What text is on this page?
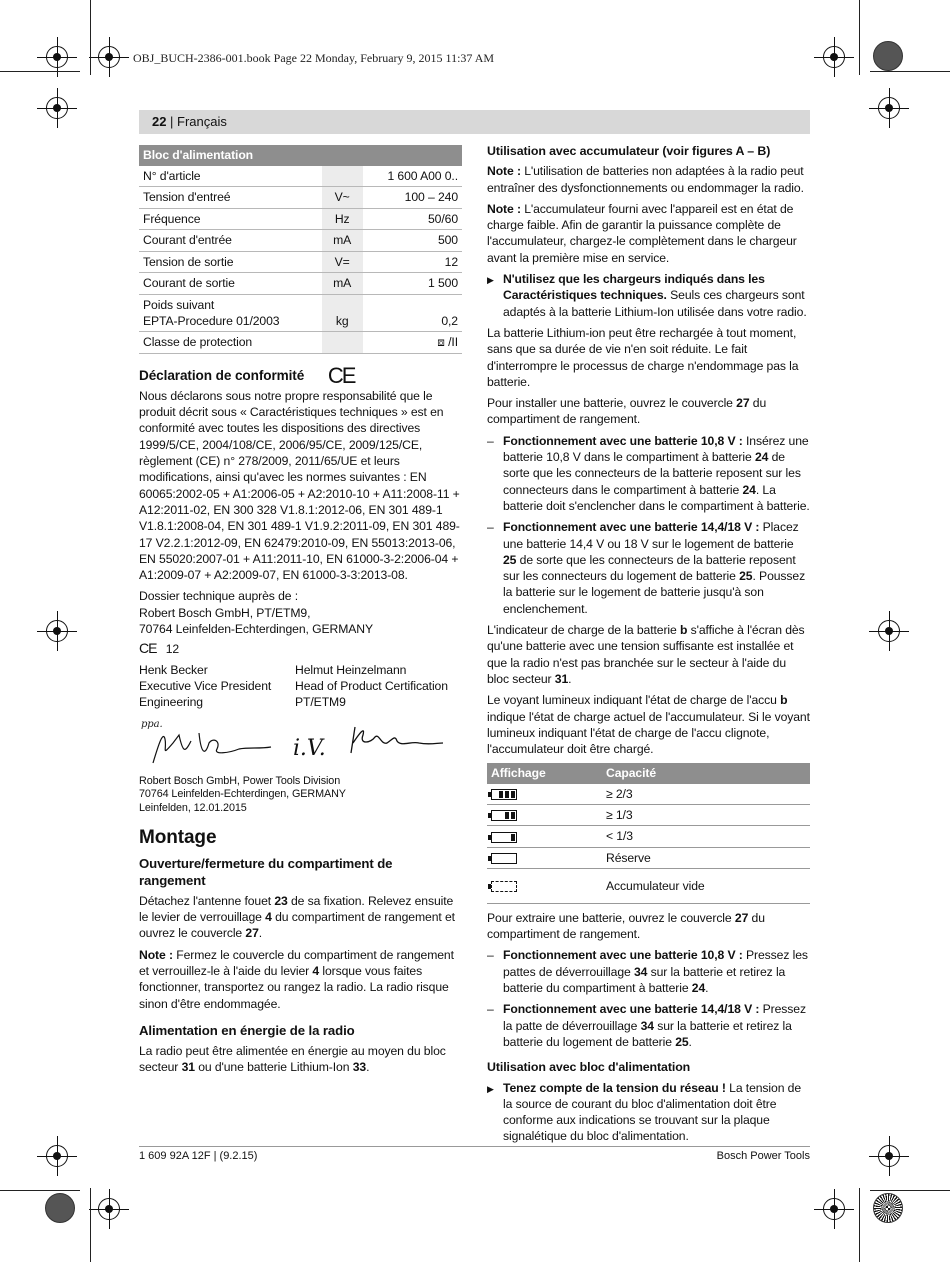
OBJ_BUCH-2386-001.book Page 22 Monday, February 9, 2015 11:37 AM
22 | Français
Bloc d'alimentation		
N° d'article		1 600 A00 0..
Tension d'entreé	V~	100 – 240
Fréquence	Hz	50/60
Courant d'entrée	mA	500
Tension de sortie	V=	12
Courant de sortie	mA	1 500
Poids suivant
EPTA-Procedure 01/2003	kg	0,2
Classe de protection		⧈ /II
Déclaration de conformité CE

Nous déclarons sous notre propre responsabilité que le produit décrit sous « Caractéristiques techniques » est en conformité avec toutes les dispositions des directives 1999/5/CE, 2004/108/CE, 2006/95/CE, 2009/125/CE, règlement (CE) n° 278/2009, 2011/65/UE et leurs modifications, ainsi qu'avec les normes suivantes : EN 60065:2002-05 + A1:2006-05 + A2:2010-10 + A11:2008-11 + A12:2011-02, EN 300 328 V1.8.1:2012-06, EN 301 489-1 V1.8.1:2008-04, EN 301 489-1 V1.9.2:2011-09, EN 301 489-17 V2.2.1:2012-09, EN 62479:2010-09, EN 55013:2013-06, EN 55020:2007-01 + A11:2011-10, EN 61000-3-2:2006-04 + A1:2009-07 + A2:2009-07, EN 61000-3-3:2013-08.

Dossier technique auprès de :
Robert Bosch GmbH, PT/ETM9,
70764 Leinfelden-Echterdingen, GERMANY
CE 12
Henk Becker
Executive Vice President
Engineering
Helmut Heinzelmann
Head of Product Certification
PT/ETM9
ppa.
i.V.
Robert Bosch GmbH, Power Tools Division
70764 Leinfelden-Echterdingen, GERMANY
Leinfelden, 12.01.2015
Montage
Ouverture/fermeture du compartiment de rangement

Détachez l'antenne fouet 23 de sa fixation. Relevez ensuite le levier de verrouillage 4 du compartiment de rangement et ouvrez le couvercle 27.

Note : Fermez le couvercle du compartiment de rangement et verrouillez-le à l'aide du levier 4 lorsque vous faites fonctionner, transportez ou rangez la radio. La radio risque sinon d'être endommagée.

Alimentation en énergie de la radio

La radio peut être alimentée en énergie au moyen du bloc secteur 31 ou d'une batterie Lithium-Ion 33.

Utilisation avec accumulateur (voir figures A – B)

Note : L'utilisation de batteries non adaptées à la radio peut entraîner des dysfonctionnements ou endommager la radio.

Note : L'accumulateur fourni avec l'appareil est en état de charge faible. Afin de garantir la puissance complète de l'accumulateur, chargez-le complètement dans le chargeur avant la première mise en service.

▶ N'utilisez que les chargeurs indiqués dans les Caractéristiques techniques. Seuls ces chargeurs sont adaptés à la batterie Lithium-Ion utilisée dans votre radio.

La batterie Lithium-ion peut être rechargée à tout moment, sans que sa durée de vie n'en soit réduite. Le fait d'interrompre le processus de charge n'endommage pas la batterie.

Pour installer une batterie, ouvrez le couvercle 27 du compartiment de rangement.

– Fonctionnement avec une batterie 10,8 V : Insérez une batterie 10,8 V dans le compartiment à batterie 24 de sorte que les connecteurs de la batterie reposent sur les connecteurs dans le compartiment à batterie 24. La batterie doit s'enclencher dans le compartiment à batterie.

– Fonctionnement avec une batterie 14,4/18 V : Placez une batterie 14,4 V ou 18 V sur le logement de batterie 25 de sorte que les connecteurs de la batterie reposent sur les connecteurs du logement de batterie 25. Poussez la batterie sur le logement de batterie jusqu'à son enclenchement.

L'indicateur de charge de la batterie b s'affiche à l'écran dès qu'une batterie avec une tension suffisante est installée et que la radio n'est pas branchée sur le secteur à l'aide du bloc secteur 31.

Le voyant lumineux indiquant l'état de charge de l'accu b indique l'état de charge actuel de l'accumulateur. Si le voyant lumineux indiquant l'état de charge de l'accu clignote, l'accumulateur doit être chargé.

Affichage	Capacité

	≥ 2/3

	≥ 1/3

	< 1/3
	Réserve
	Accumulateur vide

Pour extraire une batterie, ouvrez le couvercle 27 du compartiment de rangement.

– Fonctionnement avec une batterie 10,8 V : Pressez les pattes de déverrouillage 34 sur la batterie et retirez la batterie du compartiment à batterie 24.

– Fonctionnement avec une batterie 14,4/18 V : Pressez la patte de déverrouillage 34 sur la batterie et retirez la batterie du logement de batterie 25.

Utilisation avec bloc d'alimentation

▶ Tenez compte de la tension du réseau ! La tension de la source de courant du bloc d'alimentation doit être conforme aux indications se trouvant sur la plaque signalétique du bloc d'alimentation.

1 609 92A 12F | (9.2.15)	Bosch Power Tools
